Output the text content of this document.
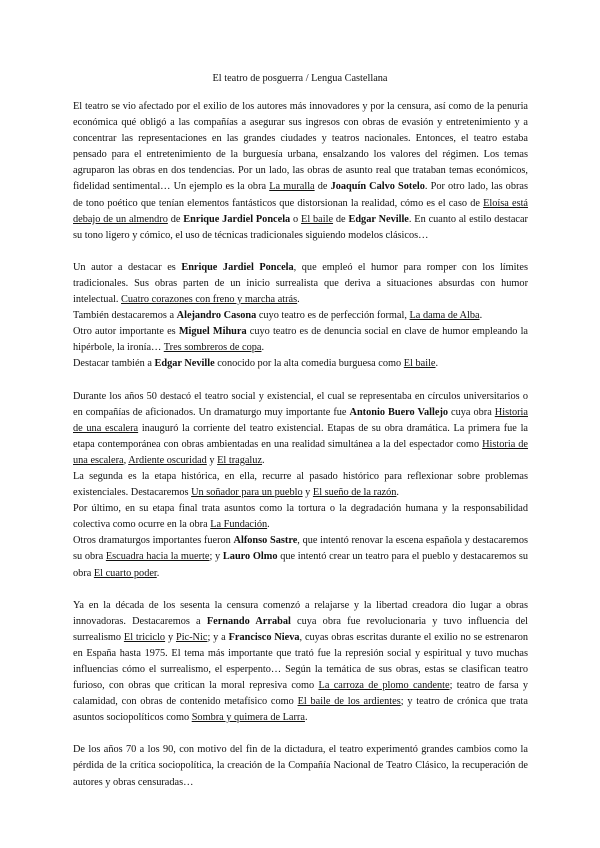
El teatro de posguerra / Lengua Castellana

El teatro se vio afectado por el exilio de los autores más innovadores y por la censura, así como de la penuria económica qué obligó a las compañías a asegurar sus ingresos con obras de evasión y entretenimiento y a concentrar las representaciones en las grandes ciudades y teatros nacionales. Entonces, el teatro estaba pensado para el entretenimiento de la burguesía urbana, ensalzando los valores del régimen. Los temas agruparon las obras en dos tendencias. Por un lado, las obras de asunto real que trataban temas económicos, fidelidad sentimental… Un ejemplo es la obra La muralla de Joaquín Calvo Sotelo. Por otro lado, las obras de tono poético que tenían elementos fantásticos que distorsionan la realidad, cómo es el caso de Eloísa está debajo de un almendro de Enrique Jardiel Poncela o El baile de Edgar Neville. En cuanto al estilo destacar su tono ligero y cómico, el uso de técnicas tradicionales siguiendo modelos clásicos…

Un autor a destacar es Enrique Jardiel Poncela, que empleó el humor para romper con los límites tradicionales. Sus obras parten de un inicio surrealista que deriva a situaciones absurdas con humor intelectual. Cuatro corazones con freno y marcha atrás.
También destacaremos a Alejandro Casona cuyo teatro es de perfección formal, La dama de Alba.
Otro autor importante es Miguel Mihura cuyo teatro es de denuncia social en clave de humor empleando la hipérbole, la ironía… Tres sombreros de copa.
Destacar también a Edgar Neville conocido por la alta comedia burguesa como El baile.
Durante los años 50 destacó el teatro social y existencial, el cual se representaba en círculos universitarios o en compañías de aficionados. Un dramaturgo muy importante fue Antonio Buero Vallejo cuya obra Historia de una escalera inauguró la corriente del teatro existencial. Etapas de su obra dramática. La primera fue la etapa contemporánea con obras ambientadas en una realidad simultánea a la del espectador como Historia de una escalera, Ardiente oscuridad y El tragaluz.
La segunda es la etapa histórica, en ella, recurre al pasado histórico para reflexionar sobre problemas existenciales. Destacaremos Un soñador para un pueblo y El sueño de la razón.
Por último, en su etapa final trata asuntos como la tortura o la degradación humana y la responsabilidad colectiva como ocurre en la obra La Fundación.
Otros dramaturgos importantes fueron Alfonso Sastre, que intentó renovar la escena española y destacaremos su obra Escuadra hacia la muerte; y Lauro Olmo que intentó crear un teatro para el pueblo y destacaremos su obra El cuarto poder.

Ya en la década de los sesenta la censura comenzó a relajarse y la libertad creadora dio lugar a obras innovadoras. Destacaremos a Fernando Arrabal cuya obra fue revolucionaria y tuvo influencia del surrealismo El triciclo y Pic-Nic; y a Francisco Nieva, cuyas obras escritas durante el exilio no se estrenaron en España hasta 1975. El tema más importante que trató fue la represión social y espiritual y tuvo muchas influencias cómo el surrealismo, el esperpento… Según la temática de sus obras, estas se clasifican teatro furioso, con obras que critican la moral represiva como La carroza de plomo candente; teatro de farsa y calamidad, con obras de contenido metafísico como El baile de los ardientes; y teatro de crónica que trata asuntos sociopolíticos como Sombra y quimera de Larra.

De los años 70 a los 90, con motivo del fin de la dictadura, el teatro experimentó grandes cambios como la pérdida de la crítica sociopolítica, la creación de la Compañía Nacional de Teatro Clásico, la recuperación de autores y obras censuradas…
